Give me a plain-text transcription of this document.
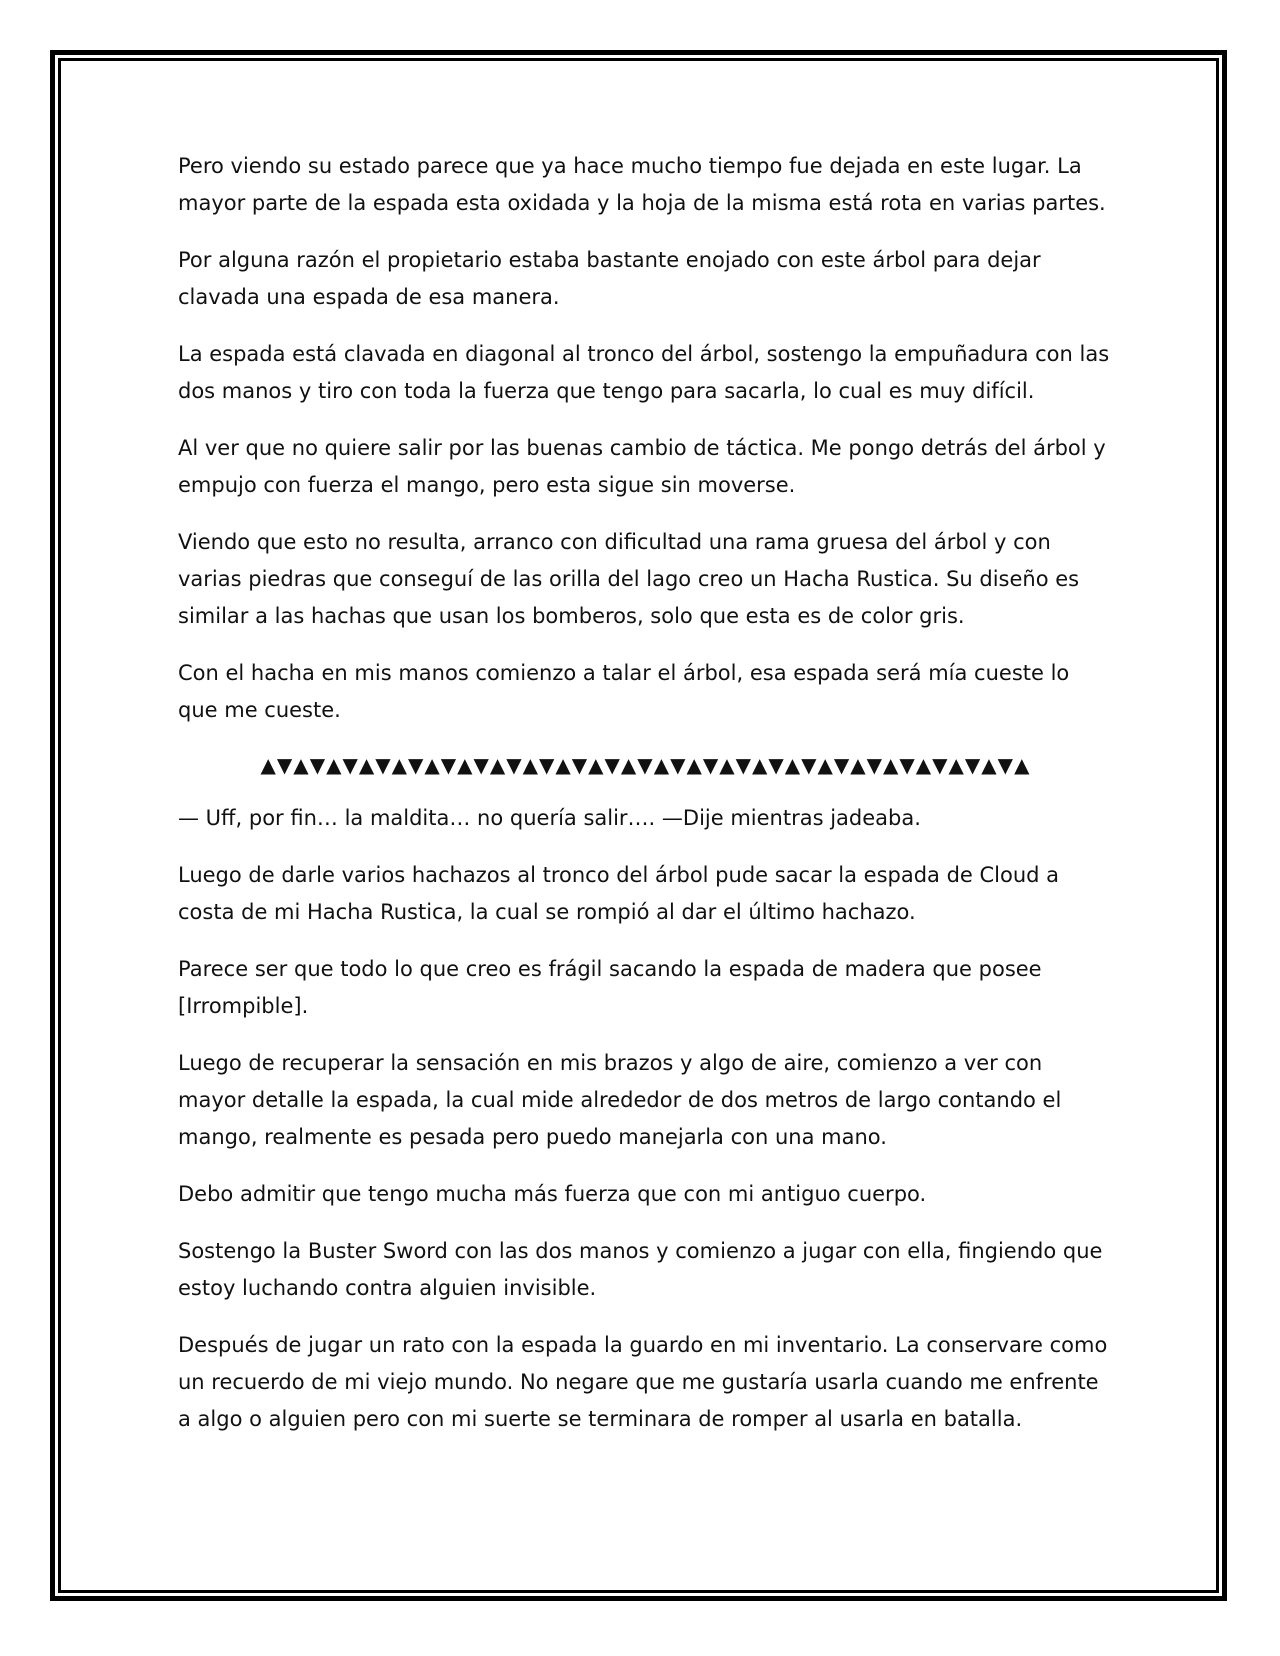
Pero viendo su estado parece que ya hace mucho tiempo fue dejada en este lugar. La mayor parte de la espada esta oxidada y la hoja de la misma está rota en varias partes.

Por alguna razón el propietario estaba bastante enojado con este árbol para dejar clavada una espada de esa manera.

La espada está clavada en diagonal al tronco del árbol, sostengo la empuñadura con las dos manos y tiro con toda la fuerza que tengo para sacarla, lo cual es muy difícil.

Al ver que no quiere salir por las buenas cambio de táctica. Me pongo detrás del árbol y empujo con fuerza el mango, pero esta sigue sin moverse.

Viendo que esto no resulta, arranco con dificultad una rama gruesa del árbol y con varias piedras que conseguí de las orilla del lago creo un Hacha Rustica. Su diseño es similar a las hachas que usan los bomberos, solo que esta es de color gris.

Con el hacha en mis manos comienzo a talar el árbol, esa espada será mía cueste lo que me cueste.

▲▼▲▼▲▼▲▼▲▼▲▼▲▼▲▼▲▼▲▼▲▼▲▼▲▼▲▼▲▼▲▼▲▼▲▼▲▼▲▼▲▼▲▼▲▼▲

— Uff, por fin… la maldita… no quería salir…. —Dije mientras jadeaba.

Luego de darle varios hachazos al tronco del árbol pude sacar la espada de Cloud a costa de mi Hacha Rustica, la cual se rompió al dar el último hachazo.

Parece ser que todo lo que creo es frágil sacando la espada de madera que posee [Irrompible].

Luego de recuperar la sensación en mis brazos y algo de aire, comienzo a ver con mayor detalle la espada, la cual mide alrededor de dos metros de largo contando el mango, realmente es pesada pero puedo manejarla con una mano.

Debo admitir que tengo mucha más fuerza que con mi antiguo cuerpo.

Sostengo la Buster Sword con las dos manos y comienzo a jugar con ella, fingiendo que estoy luchando contra alguien invisible.

Después de jugar un rato con la espada la guardo en mi inventario. La conservare como un recuerdo de mi viejo mundo. No negare que me gustaría usarla cuando me enfrente a algo o alguien pero con mi suerte se terminara de romper al usarla en batalla.
